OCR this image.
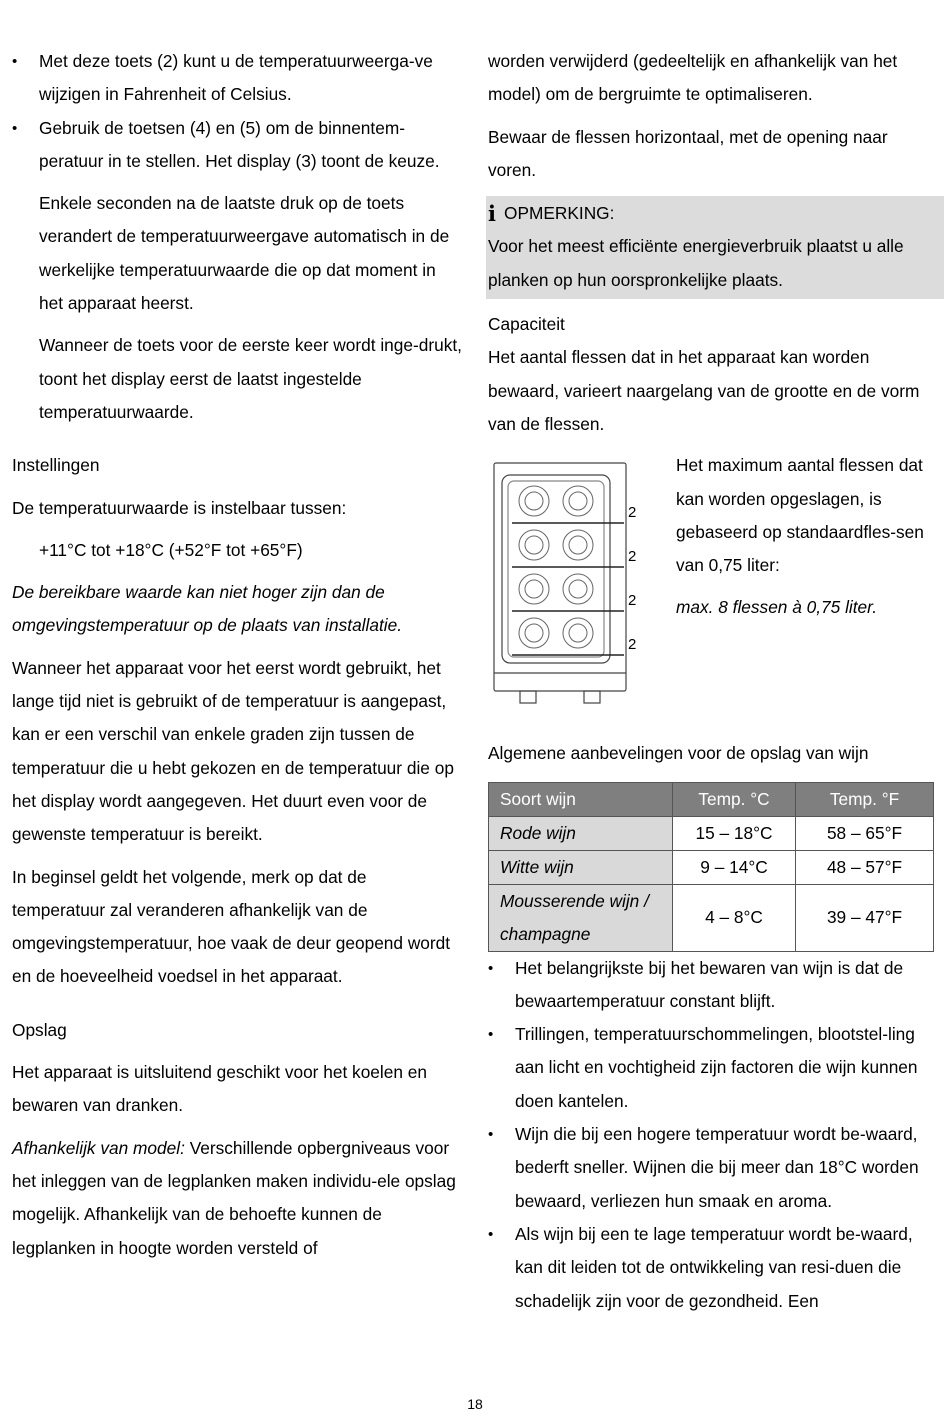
• Met deze toets (2) kunt u de temperatuurweerga-ve wijzigen in Fahrenheit of Celsius.
• Gebruik de toetsen (4) en (5) om de binnentem-peratuur in te stellen. Het display (3) toont de keuze.

Enkele seconden na de laatste druk op de toets verandert de temperatuurweergave automatisch in de werkelijke temperatuurwaarde die op dat moment in het apparaat heerst.

Wanneer de toets voor de eerste keer wordt inge-drukt, toont het display eerst de laatst ingestelde temperatuurwaarde.

Instellingen

De temperatuurwaarde is instelbaar tussen:

+11°C tot +18°C (+52°F tot +65°F)

De bereikbare waarde kan niet hoger zijn dan de omgevingstemperatuur op de plaats van installatie.

Wanneer het apparaat voor het eerst wordt gebruikt, het lange tijd niet is gebruikt of de temperatuur is aangepast, kan er een verschil van enkele graden zijn tussen de temperatuur die u hebt gekozen en de temperatuur die op het display wordt aangegeven. Het duurt even voor de gewenste temperatuur is bereikt.

In beginsel geldt het volgende, merk op dat de temperatuur zal veranderen afhankelijk van de omgevingstemperatuur, hoe vaak de deur geopend wordt en de hoeveelheid voedsel in het apparaat.

Opslag

Het apparaat is uitsluitend geschikt voor het koelen en bewaren van dranken.

Afhankelijk van model: Verschillende opbergniveaus voor het inleggen van de legplanken maken individu-ele opslag mogelijk. Afhankelijk van de behoefte kunnen de legplanken in hoogte worden versteld of

worden verwijderd (gedeeltelijk en afhankelijk van het model) om de bergruimte te optimaliseren.

Bewaar de flessen horizontaal, met de opening naar voren.

i OPMERKING:

Voor het meest efficiënte energieverbruik plaatst u alle planken op hun oorspronkelijke plaats.

Capaciteit

Het aantal flessen dat in het apparaat kan worden bewaard, varieert naargelang van de grootte en de vorm van de flessen.

2
2
2
2

Het maximum aantal flessen dat kan worden opgeslagen, is gebaseerd op standaardfles-sen van 0,75 liter:

max. 8 flessen à 0,75 liter.

Algemene aanbevelingen voor de opslag van wijn

Soort wijn	Temp. °C	Temp. °F
Rode wijn	15 – 18°C	58 – 65°F
Witte wijn	9 – 14°C	48 – 57°F
Mousserende wijn / champagne	4 – 8°C	39 – 47°F
• Het belangrijkste bij het bewaren van wijn is dat de bewaartemperatuur constant blijft.
• Trillingen, temperatuurschommelingen, blootstel-ling aan licht en vochtigheid zijn factoren die wijn kunnen doen kantelen.
• Wijn die bij een hogere temperatuur wordt be-waard, bederft sneller. Wijnen die bij meer dan 18°C worden bewaard, verliezen hun smaak en aroma.
• Als wijn bij een te lage temperatuur wordt be-waard, kan dit leiden tot de ontwikkeling van resi-duen die schadelijk zijn voor de gezondheid. Een
18
